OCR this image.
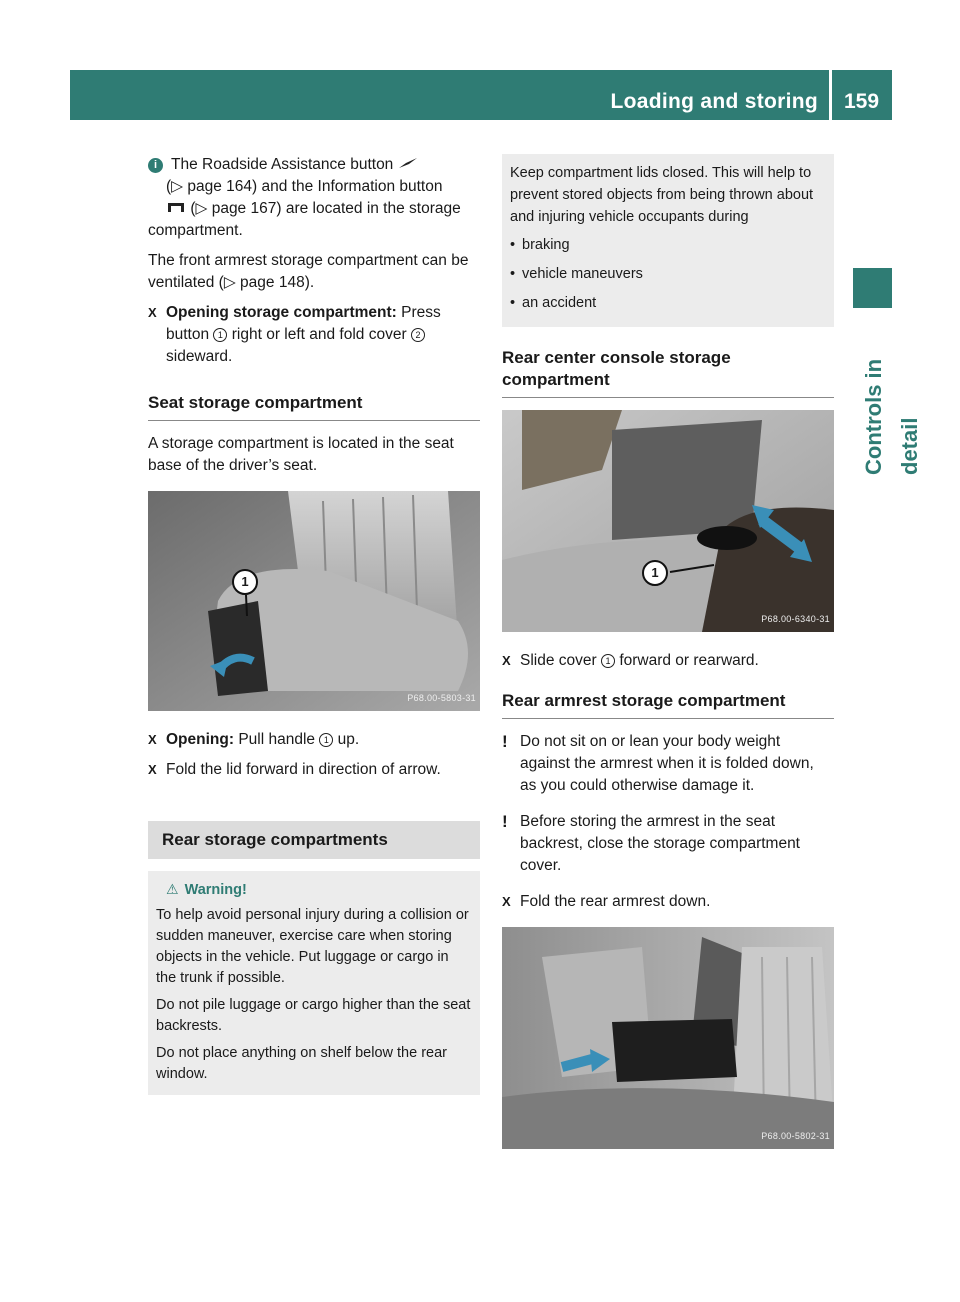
Loading and storing 159
Controls in detail

i The Roadside Assistance button
(▷ page 164) and the Information button
(▷ page 167) are located in the storage compartment.

The front armrest storage compartment can be ventilated (▷ page 148).

X Opening storage compartment: Press button 1 right or left and fold cover 2 sideward.
Seat storage compartment

A storage compartment is located in the seat base of the driver’s seat.

1
P68.00-5803-31
X Opening: Pull handle 1 up.
X Fold the lid forward in direction of arrow.
Rear storage compartments
⚠ Warning!

To help avoid personal injury during a collision or sudden maneuver, exercise care when storing objects in the vehicle. Put luggage or cargo in the trunk if possible.

Do not pile luggage or cargo higher than the seat backrests.

Do not place anything on shelf below the rear window.

Keep compartment lids closed. This will help to prevent stored objects from being thrown about and injuring vehicle occupants during
• braking
• vehicle maneuvers
• an accident
Rear center console storage compartment
1
P68.00-6340-31
X Slide cover 1 forward or rearward.
Rear armrest storage compartment

! Do not sit on or lean your body weight against the armrest when it is folded down, as you could otherwise damage it.

! Before storing the armrest in the seat backrest, close the storage compartment cover.

X Fold the rear armrest down.
P68.00-5802-31
